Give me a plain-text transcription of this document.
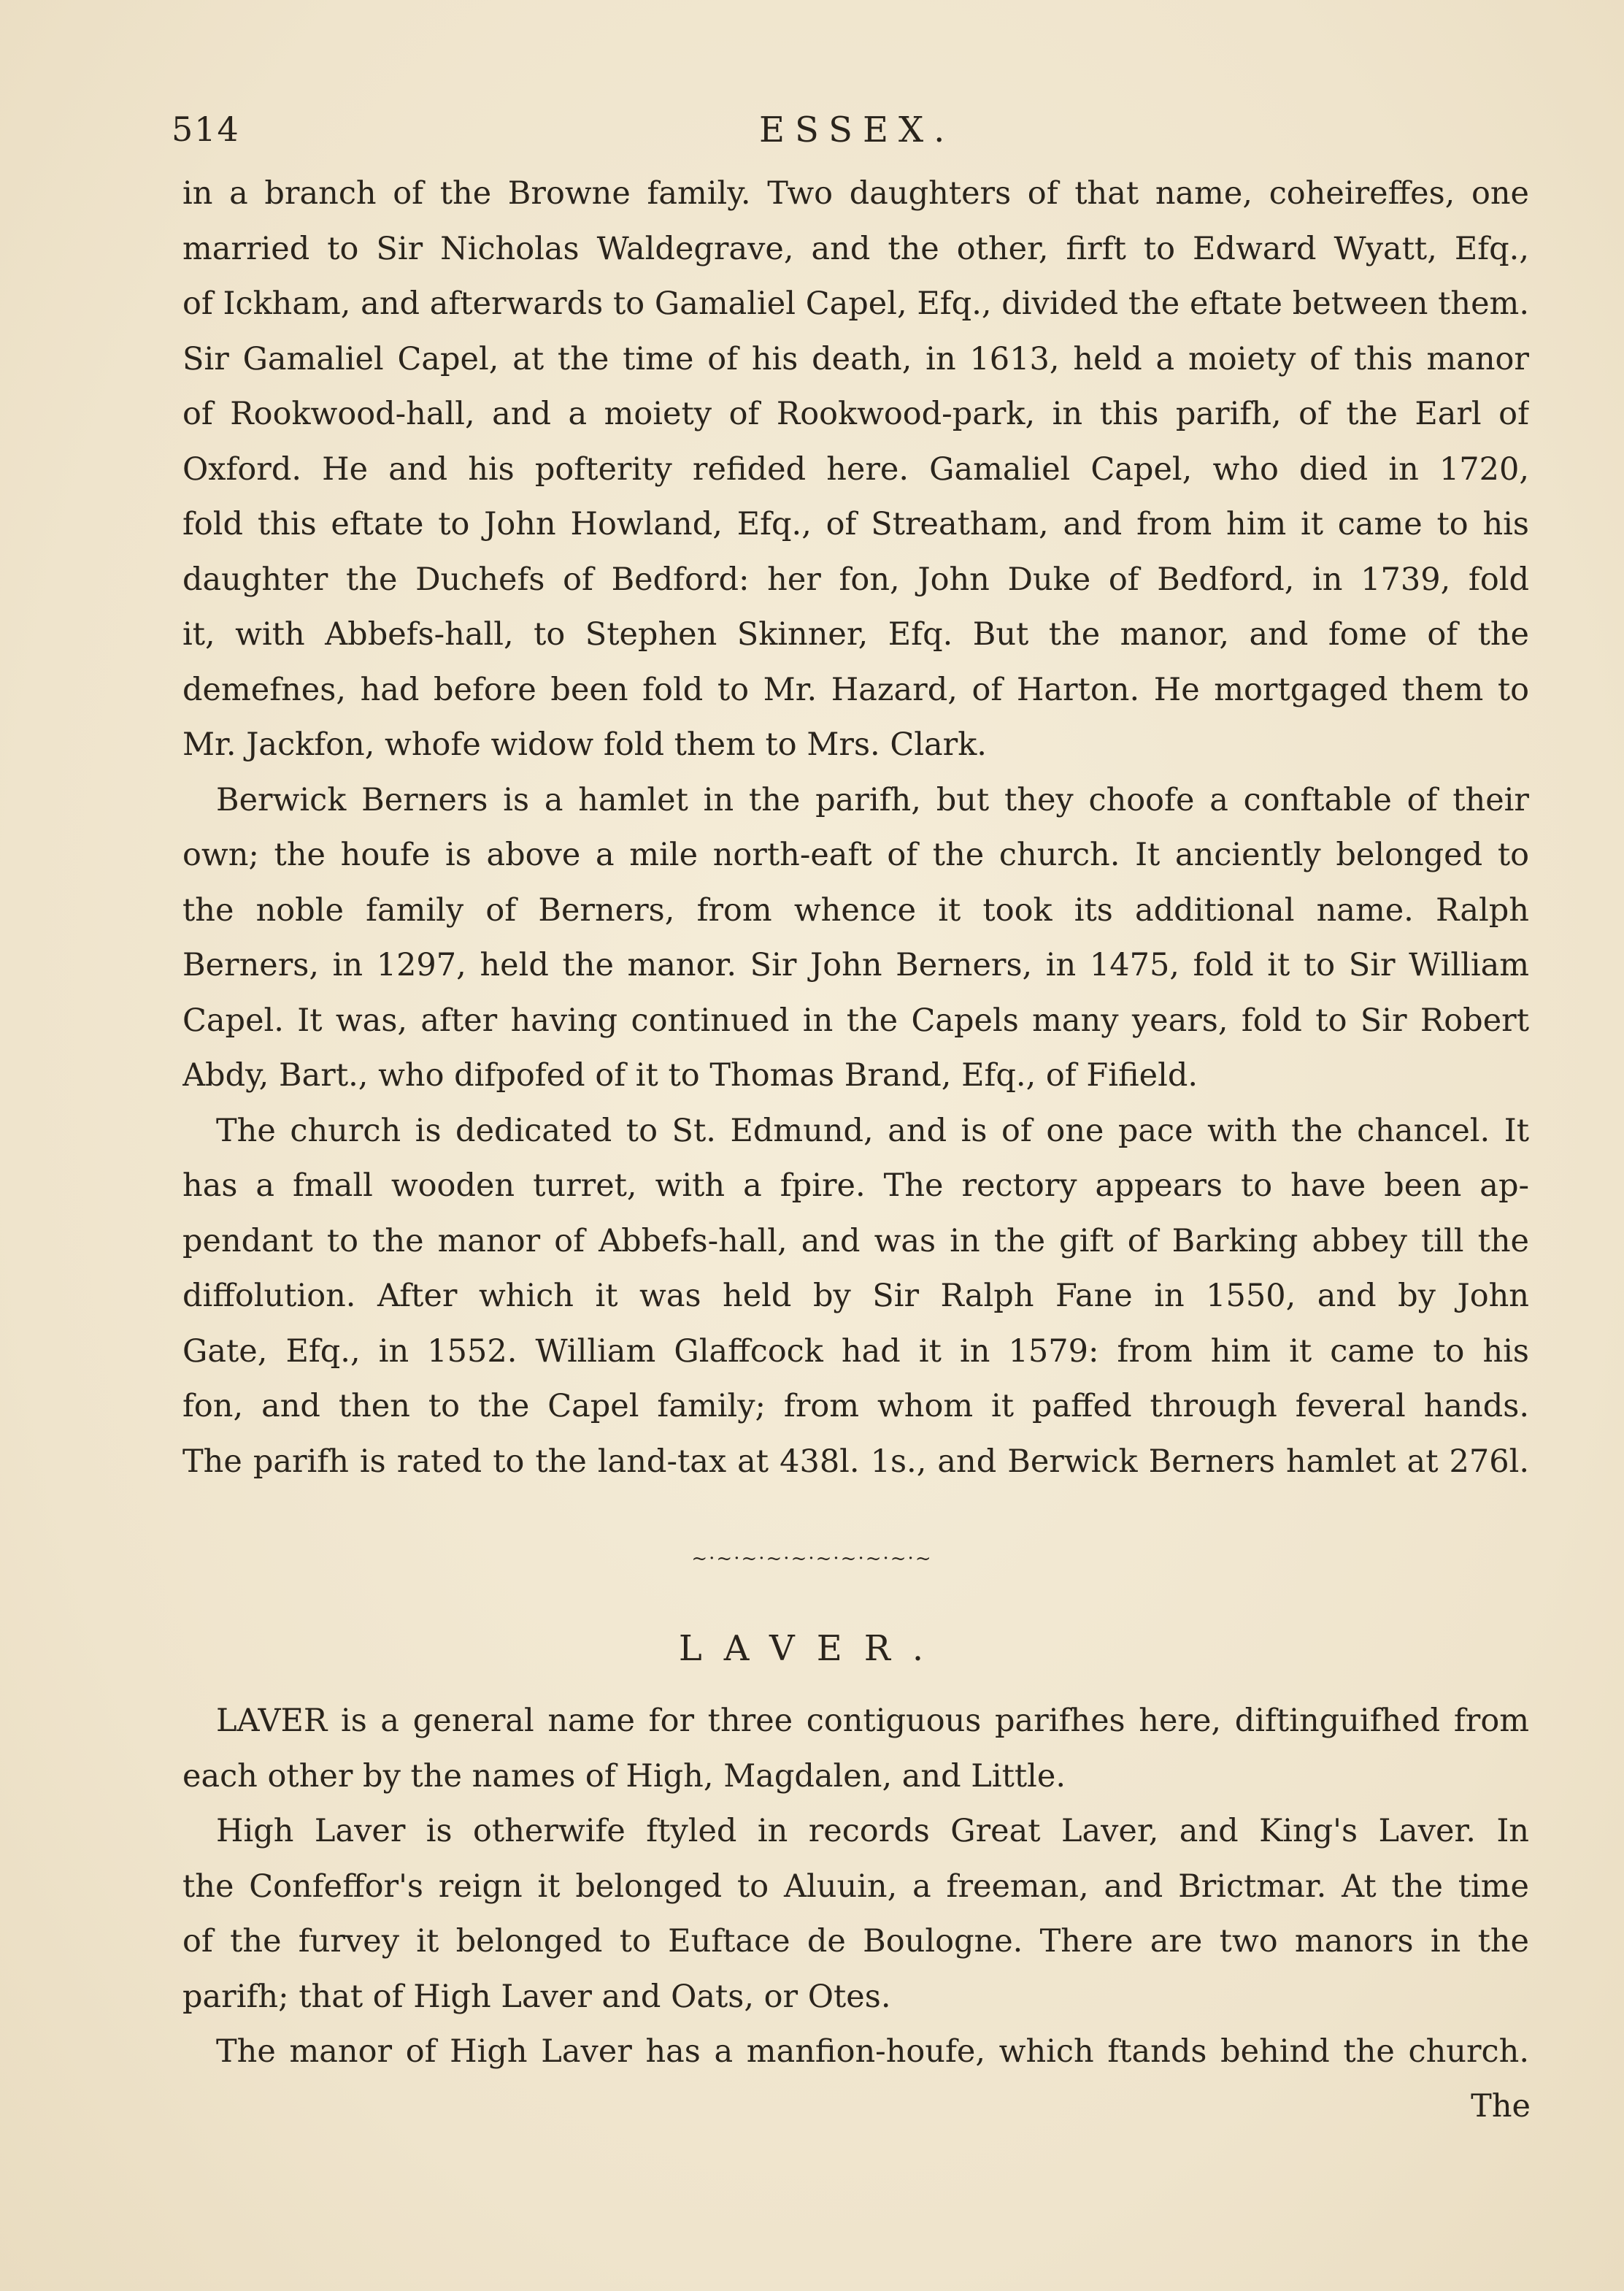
514	ESSEX.
in a branch of the Browne family. Two daughters of that name, coheireffes, one
married to Sir Nicholas Waldegrave, and the other, firft to Edward Wyatt, Efq.,
of Ickham, and afterwards to Gamaliel Capel, Efq., divided the eftate between them.
Sir Gamaliel Capel, at the time of his death, in 1613, held a moiety of this manor
of Rookwood-hall, and a moiety of Rookwood-park, in this parifh, of the Earl of
Oxford. He and his pofterity refided here. Gamaliel Capel, who died in 1720,
fold this eftate to John Howland, Efq., of Streatham, and from him it came to his
daughter the Duchefs of Bedford: her fon, John Duke of Bedford, in 1739, fold
it, with Abbefs-hall, to Stephen Skinner, Efq. But the manor, and fome of the
demefnes, had before been fold to Mr. Hazard, of Harton. He mortgaged them to
Mr. Jackfon, whofe widow fold them to Mrs. Clark.
Berwick Berners is a hamlet in the parifh, but they choofe a conftable of their
own; the houfe is above a mile north-eaft of the church. It anciently belonged to
the noble family of Berners, from whence it took its additional name. Ralph
Berners, in 1297, held the manor. Sir John Berners, in 1475, fold it to Sir William
Capel. It was, after having continued in the Capels many years, fold to Sir Robert
Abdy, Bart., who difpofed of it to Thomas Brand, Efq., of Fifield.
The church is dedicated to St. Edmund, and is of one pace with the chancel. It
has a fmall wooden turret, with a fpire. The rectory appears to have been ap-
pendant to the manor of Abbefs-hall, and was in the gift of Barking abbey till the
diffolution. After which it was held by Sir Ralph Fane in 1550, and by John
Gate, Efq., in 1552. William Glaffcock had it in 1579: from him it came to his
fon, and then to the Capel family; from whom it paffed through feveral hands.
The parifh is rated to the land-tax at 438l. 1s., and Berwick Berners hamlet at 276l.
~·~·~·~·~·~·~·~·~·~
LAVER.
LAVER is a general name for three contiguous parifhes here, diftinguifhed from
each other by the names of High, Magdalen, and Little.
High Laver is otherwife ftyled in records Great Laver, and King's Laver. In
the Confeffor's reign it belonged to Aluuin, a freeman, and Brictmar. At the time
of the furvey it belonged to Euftace de Boulogne. There are two manors in the
parifh; that of High Laver and Oats, or Otes.
The manor of High Laver has a manfion-houfe, which ftands behind the church.
The
